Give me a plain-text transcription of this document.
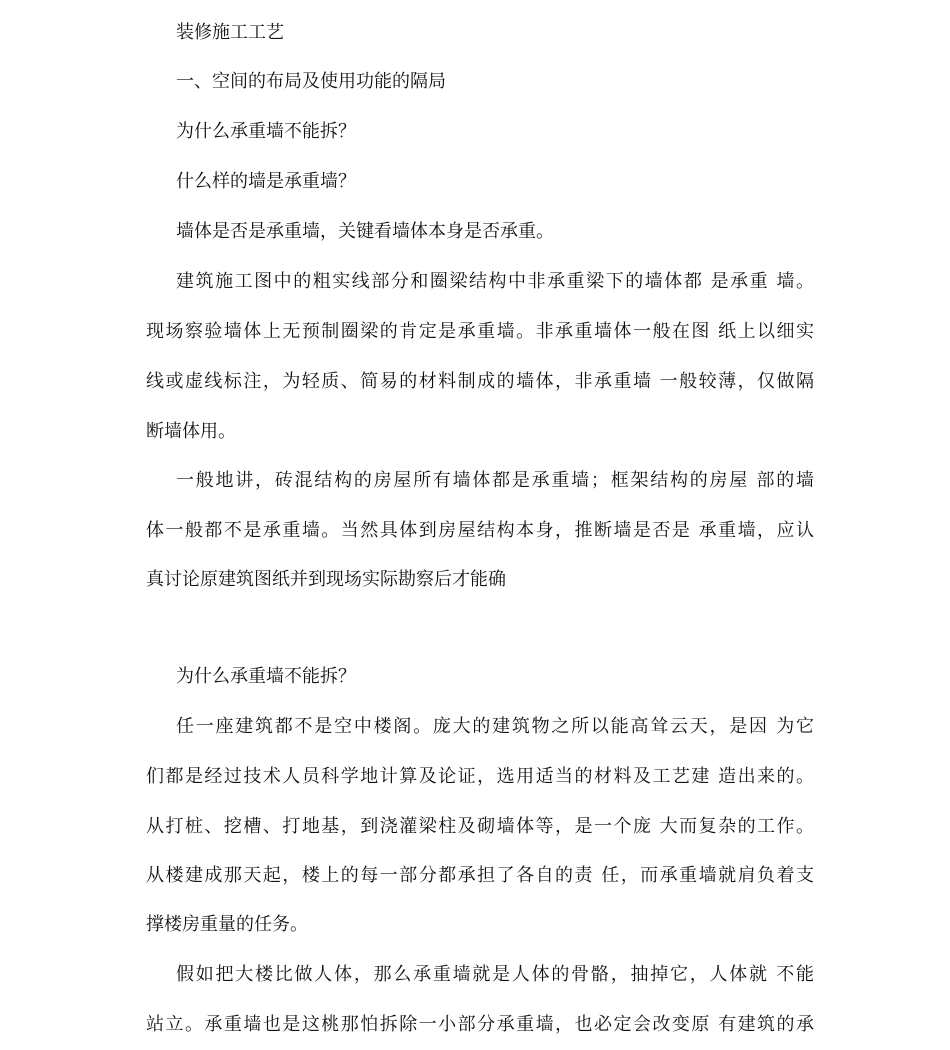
装修施工工艺
一、空间的布局及使用功能的隔局
为什么承重墙不能拆？
什么样的墙是承重墙？
墙体是否是承重墙，关键看墙体本身是否承重。
建筑施工图中的粗实线部分和圈梁结构中非承重梁下的墙体都 是承重 墙。
现场察验墙体上无预制圈梁的肯定是承重墙。非承重墙体一般在图 纸上以细实
线或虚线标注，为轻质、简易的材料制成的墙体，非承重墙 一般较薄，仅做隔
断墙体用。
一般地讲，砖混结构的房屋所有墙体都是承重墙；框架结构的房屋 部的墙
体一般都不是承重墙。当然具体到房屋结构本身，推断墙是否是 承重墙，应认
真讨论原建筑图纸并到现场实际勘察后才能确
为什么承重墙不能拆？
任一座建筑都不是空中楼阁。庞大的建筑物之所以能高耸云天，是因 为它
们都是经过技术人员科学地计算及论证，选用适当的材料及工艺建 造出来的。
从打桩、挖槽、打地基，到浇灌梁柱及砌墙体等，是一个庞 大而复杂的工作。
从楼建成那天起，楼上的每一部分都承担了各自的责 任，而承重墙就肩负着支
撑楼房重量的任务。
假如把大楼比做人体，那么承重墙就是人体的骨骼，抽掉它，人体就 不能
站立。承重墙也是这桃那怕拆除一小部分承重墙，也必定会改变原 有建筑的承
